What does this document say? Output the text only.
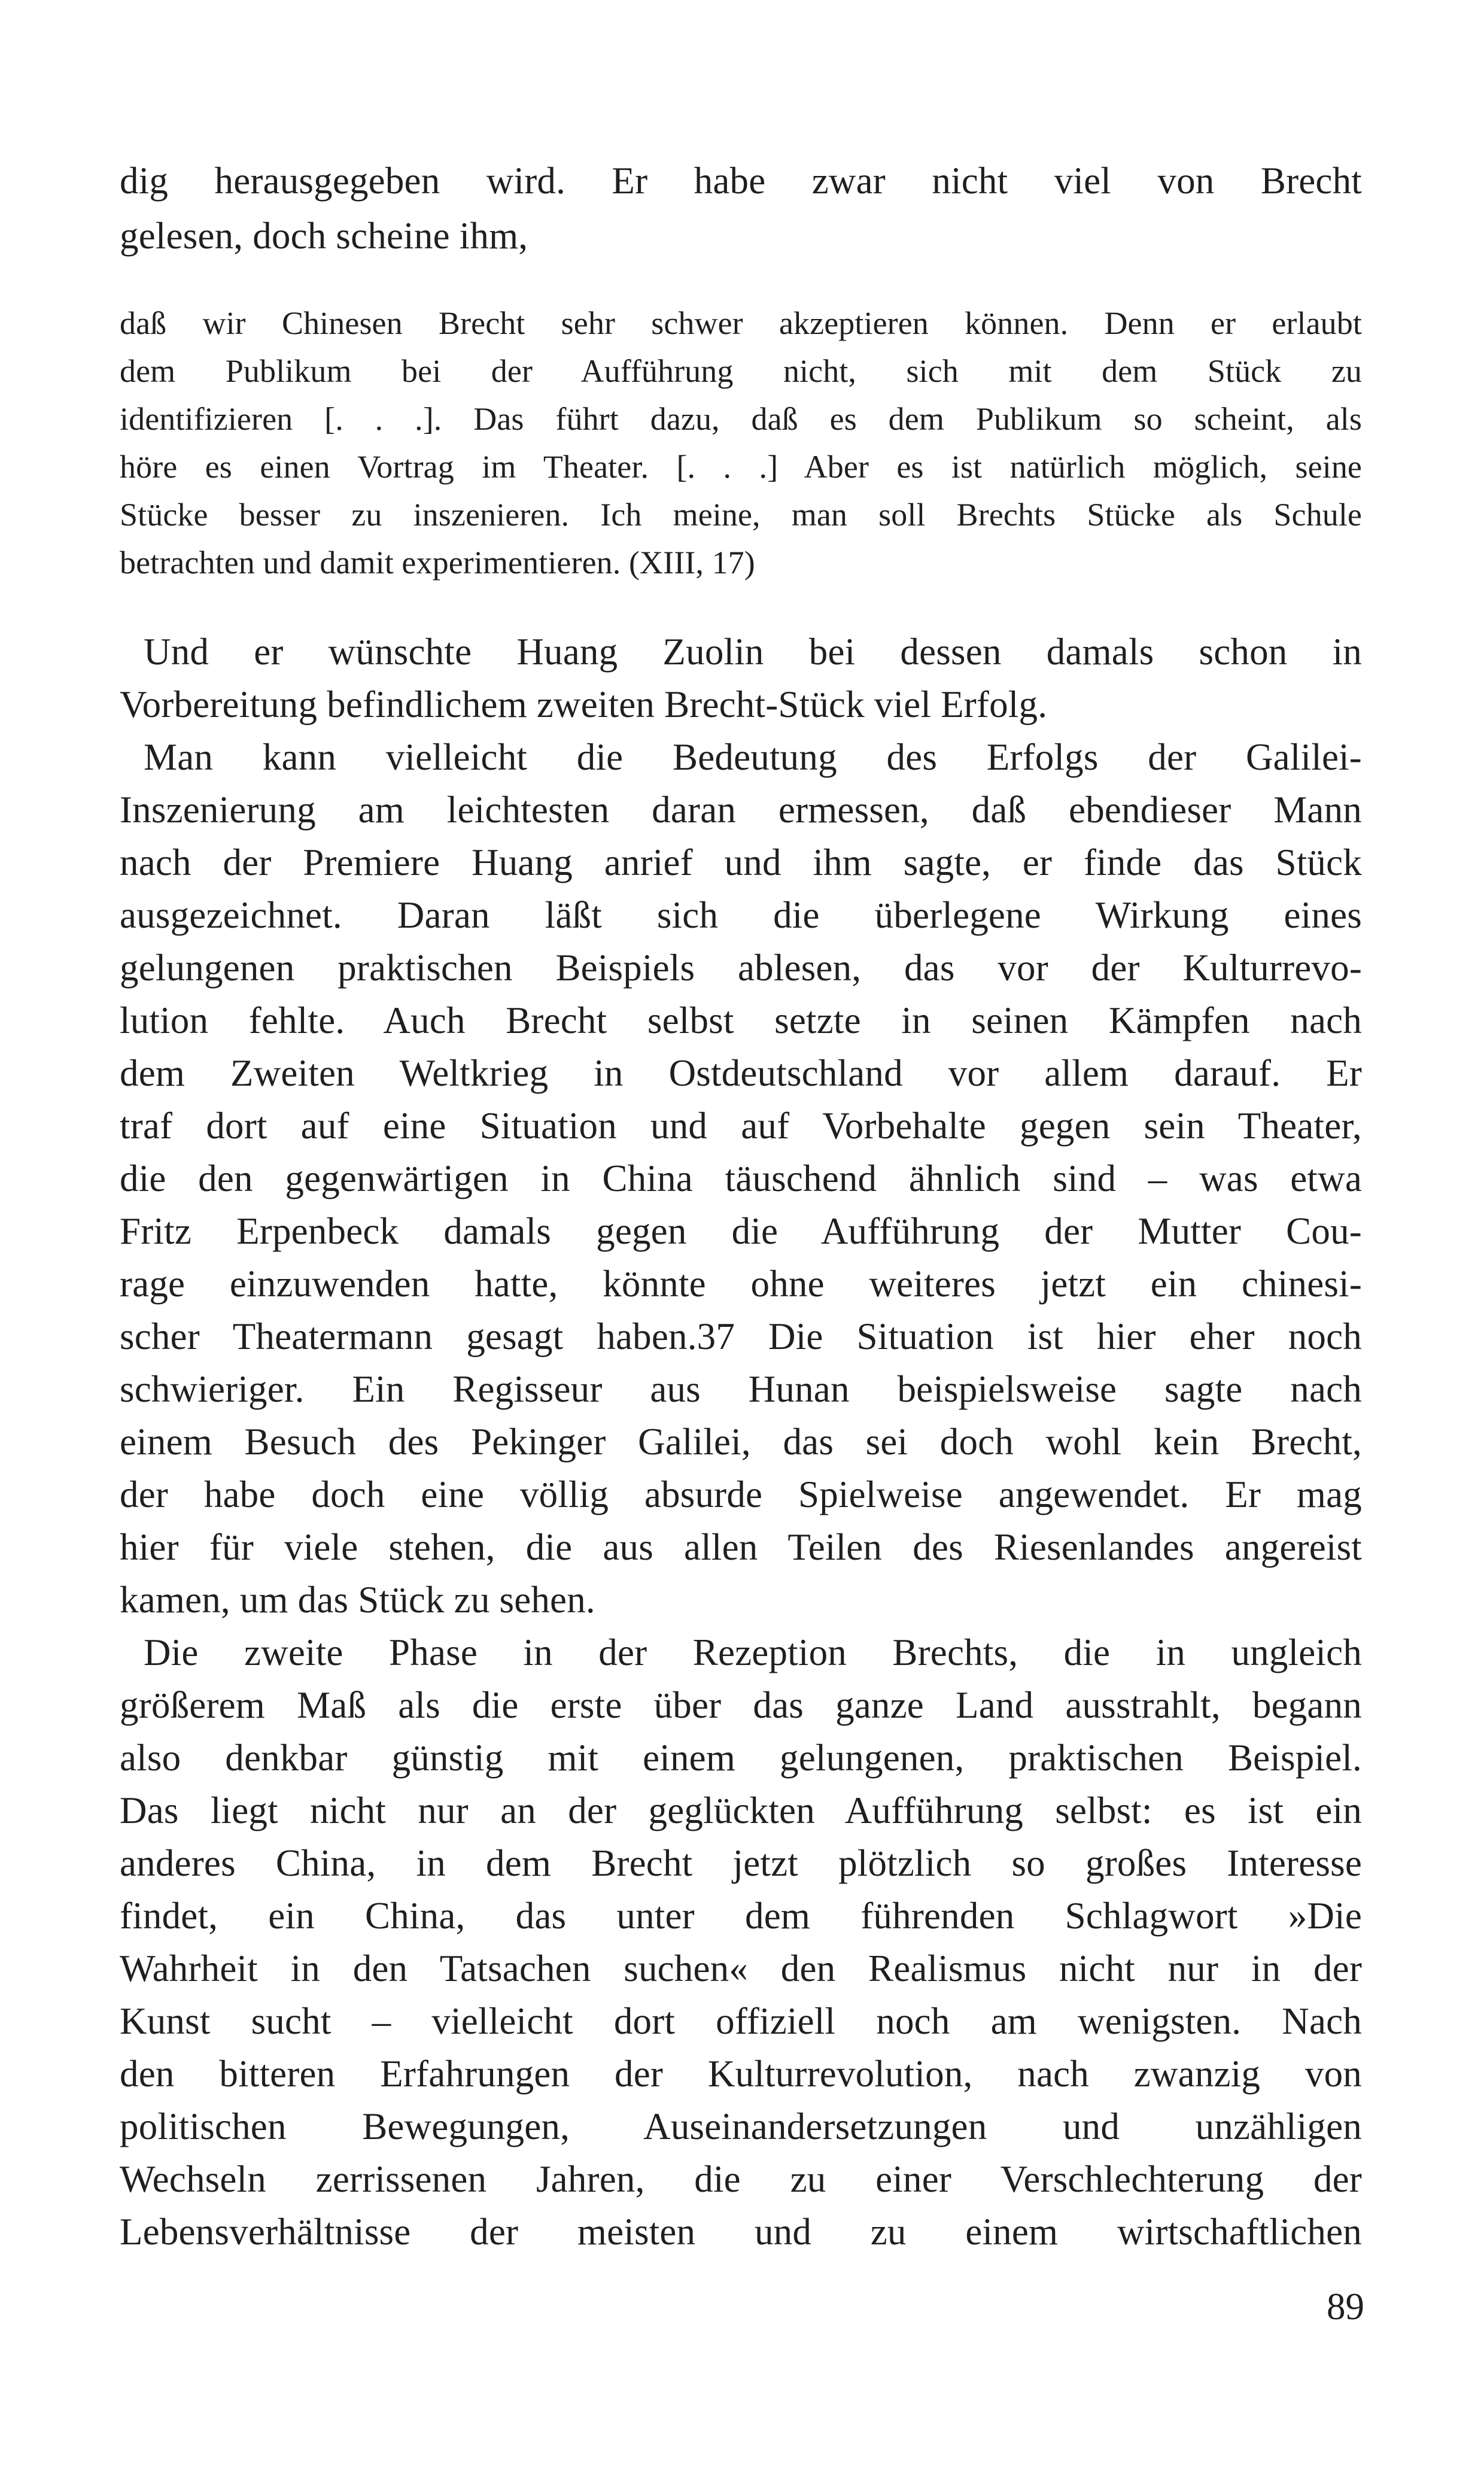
dig herausgegeben wird. Er habe zwar nicht viel von Brecht
gelesen, doch scheine ihm,
daß wir Chinesen Brecht sehr schwer akzeptieren können. Denn er erlaubt
dem Publikum bei der Aufführung nicht, sich mit dem Stück zu
identifizieren [. . .]. Das führt dazu, daß es dem Publikum so scheint, als
höre es einen Vortrag im Theater. [. . .] Aber es ist natürlich möglich, seine
Stücke besser zu inszenieren. Ich meine, man soll Brechts Stücke als Schule
betrachten und damit experimentieren. (XIII, 17)
Und er wünschte Huang Zuolin bei dessen damals schon in
Vorbereitung befindlichem zweiten Brecht-Stück viel Erfolg.
Man kann vielleicht die Bedeutung des Erfolgs der Galilei-
Inszenierung am leichtesten daran ermessen, daß ebendieser Mann
nach der Premiere Huang anrief und ihm sagte, er finde das Stück
ausgezeichnet. Daran läßt sich die überlegene Wirkung eines
gelungenen praktischen Beispiels ablesen, das vor der Kulturrevo-
lution fehlte. Auch Brecht selbst setzte in seinen Kämpfen nach
dem Zweiten Weltkrieg in Ostdeutschland vor allem darauf. Er
traf dort auf eine Situation und auf Vorbehalte gegen sein Theater,
die den gegenwärtigen in China täuschend ähnlich sind – was etwa
Fritz Erpenbeck damals gegen die Aufführung der Mutter Cou-
rage einzuwenden hatte, könnte ohne weiteres jetzt ein chinesi-
scher Theatermann gesagt haben.37 Die Situation ist hier eher noch
schwieriger. Ein Regisseur aus Hunan beispielsweise sagte nach
einem Besuch des Pekinger Galilei, das sei doch wohl kein Brecht,
der habe doch eine völlig absurde Spielweise angewendet. Er mag
hier für viele stehen, die aus allen Teilen des Riesenlandes angereist
kamen, um das Stück zu sehen.
Die zweite Phase in der Rezeption Brechts, die in ungleich
größerem Maß als die erste über das ganze Land ausstrahlt, begann
also denkbar günstig mit einem gelungenen, praktischen Beispiel.
Das liegt nicht nur an der geglückten Aufführung selbst: es ist ein
anderes China, in dem Brecht jetzt plötzlich so großes Interesse
findet, ein China, das unter dem führenden Schlagwort »Die
Wahrheit in den Tatsachen suchen« den Realismus nicht nur in der
Kunst sucht – vielleicht dort offiziell noch am wenigsten. Nach
den bitteren Erfahrungen der Kulturrevolution, nach zwanzig von
politischen Bewegungen, Auseinandersetzungen und unzähligen
Wechseln zerrissenen Jahren, die zu einer Verschlechterung der
Lebensverhältnisse der meisten und zu einem wirtschaftlichen
89
